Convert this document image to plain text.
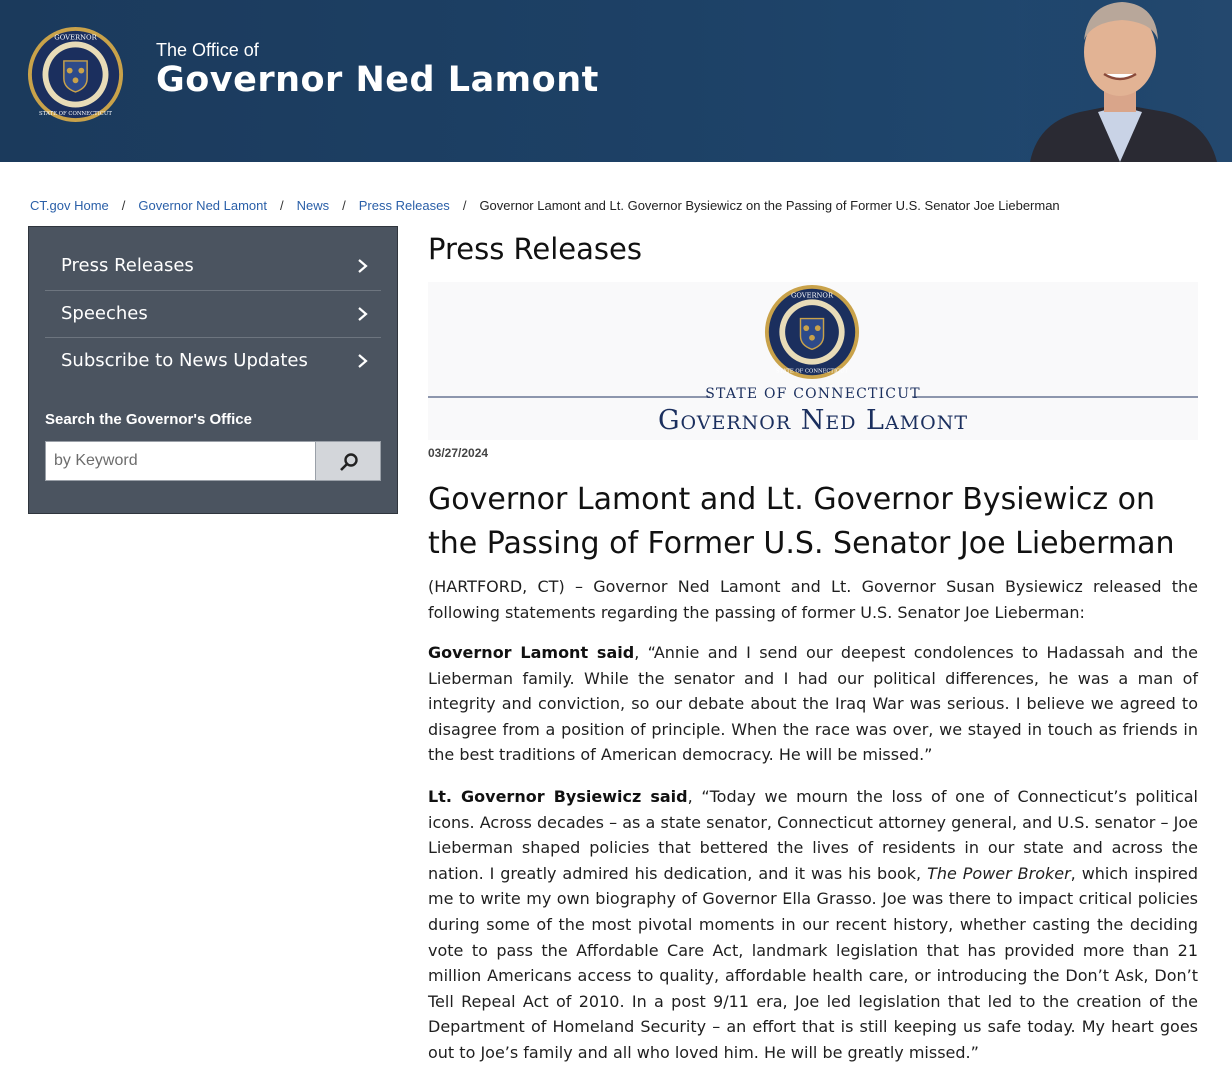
GOVERNOR
STATE OF CONNECTICUT
The Office of
Governor Ned Lamont
CT.gov Home / Governor Ned Lamont / News / Press Releases / Governor Lamont and Lt. Governor Bysiewicz on the Passing of Former U.S. Senator Joe Lieberman
Press Releases
Speeches
Subscribe to News Updates
Search the Governor's Office
by Keyword
Press Releases
GOVERNOR
STATE OF CONNECTICUT
STATE OF CONNECTICUT
Governor Ned Lamont
03/27/2024
Governor Lamont and Lt. Governor Bysiewicz on the Passing of Former U.S. Senator Joe Lieberman
(HARTFORD, CT) – Governor Ned Lamont and Lt. Governor Susan Bysiewicz released the following statements regarding the passing of former U.S. Senator Joe Lieberman:
Governor Lamont said, “Annie and I send our deepest condolences to Hadassah and the Lieberman family. While the senator and I had our political differences, he was a man of integrity and conviction, so our debate about the Iraq War was serious. I believe we agreed to disagree from a position of principle. When the race was over, we stayed in touch as friends in the best traditions of American democracy. He will be missed.”
Lt. Governor Bysiewicz said, “Today we mourn the loss of one of Connecticut’s political icons. Across decades – as a state senator, Connecticut attorney general, and U.S. senator – Joe Lieberman shaped policies that bettered the lives of residents in our state and across the nation. I greatly admired his dedication, and it was his book, The Power Broker, which inspired me to write my own biography of Governor Ella Grasso. Joe was there to impact critical policies during some of the most pivotal moments in our recent history, whether casting the deciding vote to pass the Affordable Care Act, landmark legislation that has provided more than 21 million Americans access to quality, affordable health care, or introducing the Don’t Ask, Don’t Tell Repeal Act of 2010. In a post 9/11 era, Joe led legislation that led to the creation of the Department of Homeland Security – an effort that is still keeping us safe today. My heart goes out to Joe’s family and all who loved him. He will be greatly missed.”
